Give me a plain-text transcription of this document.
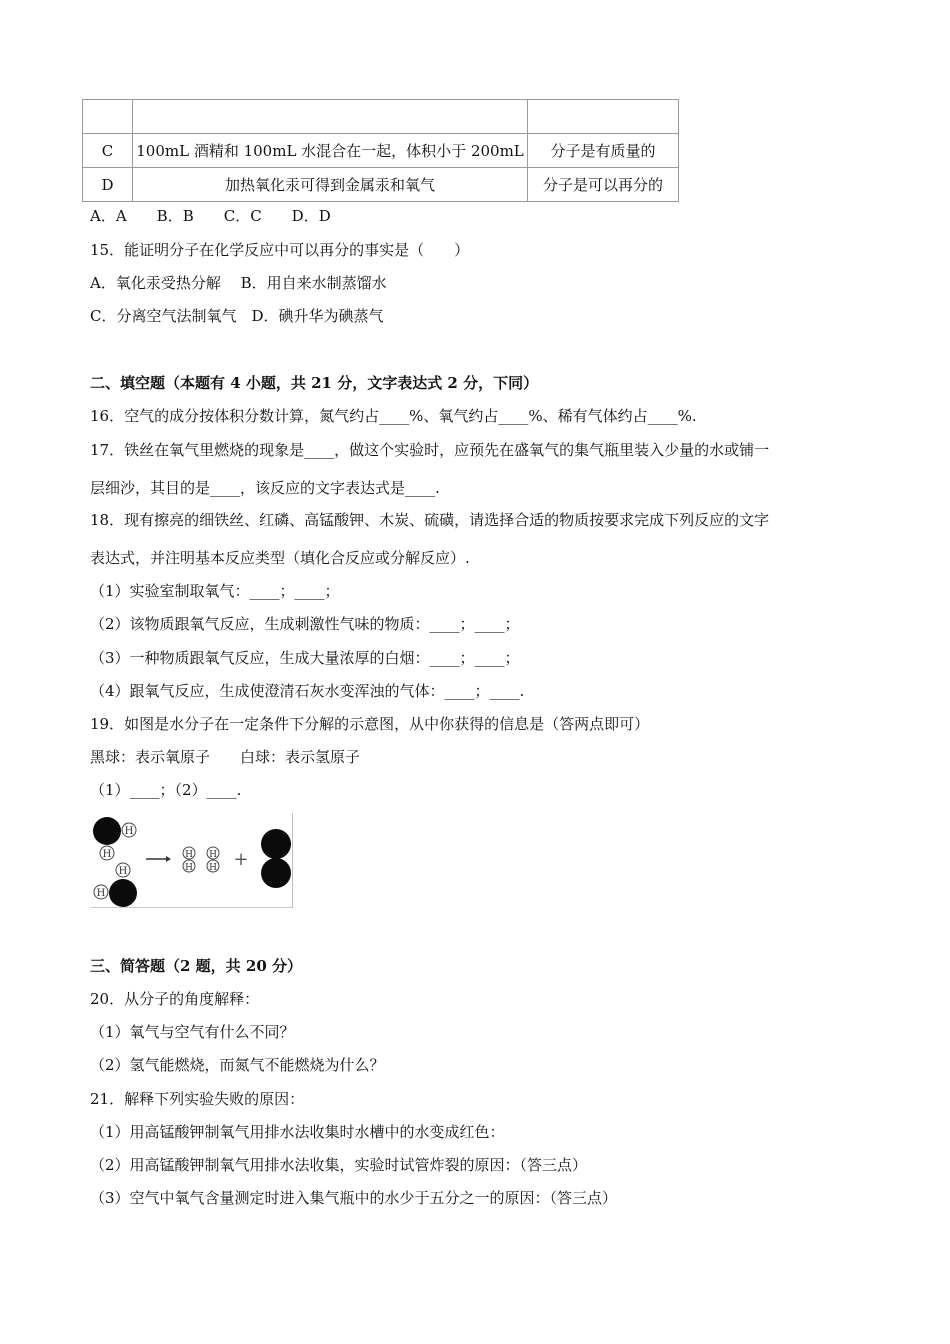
C	100mL 酒精和 100mL 水混合在一起，体积小于 200mL	分子是有质量的
D	加热氧化汞可得到金属汞和氧气	分子是可以再分的
A．A　　B．B　　C．C　　D．D
15．能证明分子在化学反应中可以再分的事实是（　　）
A．氧化汞受热分解　 B．用自来水制蒸馏水
C．分离空气法制氧气　D．碘升华为碘蒸气
二、填空题（本题有 4 小题，共 21 分，文字表达式 2 分，下同）
16．空气的成分按体积分数计算，氮气约占____%、氧气约占____%、稀有气体约占____%.
17．铁丝在氧气里燃烧的现象是____，做这个实验时，应预先在盛氧气的集气瓶里装入少量的水或铺一
层细沙，其目的是____，该反应的文字表达式是____.
18．现有擦亮的细铁丝、红磷、高锰酸钾、木炭、硫磺，请选择合适的物质按要求完成下列反应的文字
表达式，并注明基本反应类型（填化合反应或分解反应）.
（1）实验室制取氧气：____；____；
（2）该物质跟氧气反应，生成刺激性气味的物质：____；____；
（3）一种物质跟氧气反应，生成大量浓厚的白烟：____；____；
（4）跟氧气反应，生成使澄清石灰水变浑浊的气体：____；____.
19．如图是水分子在一定条件下分解的示意图，从中你获得的信息是（答两点即可）
黑球：表示氧原子　　白球：表示氢原子
（1）____；（2）____.
H
H
H
H
H
H
H
H +
三、简答题（2 题，共 20 分）
20．从分子的角度解释：
（1）氧气与空气有什么不同？
（2）氢气能燃烧，而氮气不能燃烧为什么？
21．解释下列实验失败的原因：
（1）用高锰酸钾制氧气用排水法收集时水槽中的水变成红色：
（2）用高锰酸钾制氧气用排水法收集，实验时试管炸裂的原因：（答三点）
（3）空气中氧气含量测定时进入集气瓶中的水少于五分之一的原因：（答三点）
